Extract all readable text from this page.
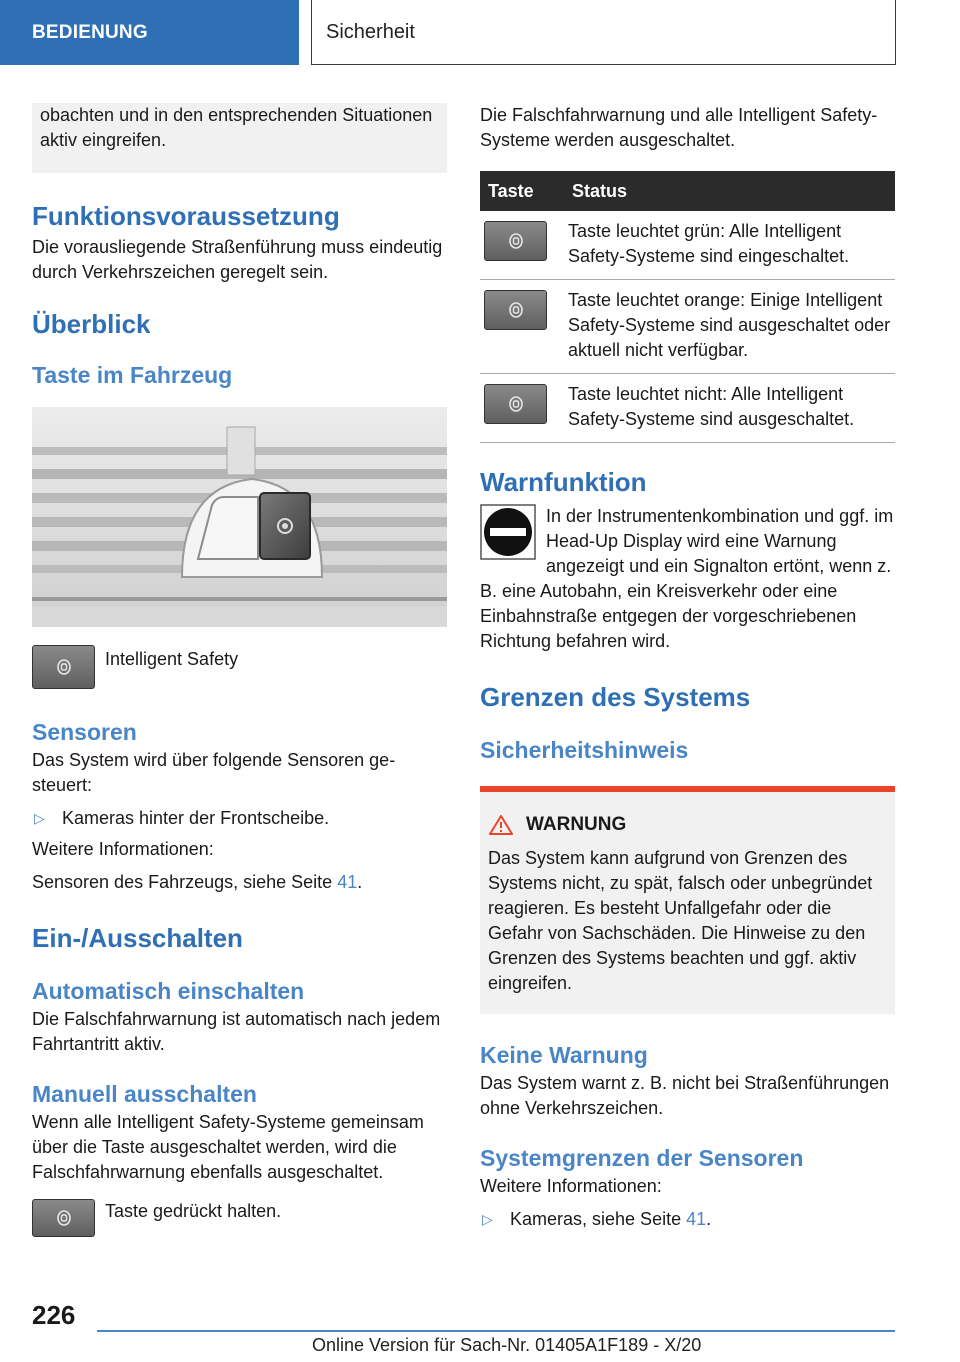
BEDIENUNG	Sicherheit

obachten und in den entsprechenden Situationen aktiv eingreifen.

Funktionsvoraussetzung

Die vorausliegende Straßenführung muss eindeutig durch Verkehrszeichen geregelt sein.

Überblick
Taste im Fahrzeug

Intelligent Safety

Sensoren

Das System wird über folgende Sensoren gesteuert:

▷ Kameras hinter der Frontscheibe.

Weitere Informationen:

Sensoren des Fahrzeugs, siehe Seite 41.

Ein-/Ausschalten
Automatisch einschalten

Die Falschfahrwarnung ist automatisch nach jedem Fahrtantritt aktiv.

Manuell ausschalten

Wenn alle Intelligent Safety-Systeme gemeinsam über die Taste ausgeschaltet werden, wird die Falschfahrwarnung ebenfalls ausgeschaltet.

Taste gedrückt halten.

Die Falschfahrwarnung und alle Intelligent Safety-Systeme werden ausgeschaltet.

Taste	Status

	Taste leuchtet grün: Alle Intelligent Safety-Systeme sind eingeschaltet.

	Taste leuchtet orange: Einige Intelligent Safety-Systeme sind ausgeschaltet oder aktuell nicht verfügbar.

	Taste leuchtet nicht: Alle Intelligent Safety-Systeme sind ausgeschaltet.
Warnfunktion

In der Instrumentenkombination und ggf. im Head-Up Display wird eine Warnung angezeigt und ein Signalton ertönt, wenn z. B. eine Autobahn, ein Kreisverkehr oder eine Einbahnstraße entgegen der vorgeschriebenen Richtung befahren wird.

Grenzen des Systems
Sicherheitshinweis
WARNUNG

Das System kann aufgrund von Grenzen des Systems nicht, zu spät, falsch oder unbegründet reagieren. Es besteht Unfallgefahr oder die Gefahr von Sachschäden. Die Hinweise zu den Grenzen des Systems beachten und ggf. aktiv eingreifen.

Keine Warnung

Das System warnt z. B. nicht bei Straßenführungen ohne Verkehrszeichen.

Systemgrenzen der Sensoren

Weitere Informationen:

▷ Kameras, siehe Seite 41.
226
Online Version für Sach-Nr. 01405A1F189 - X/20
